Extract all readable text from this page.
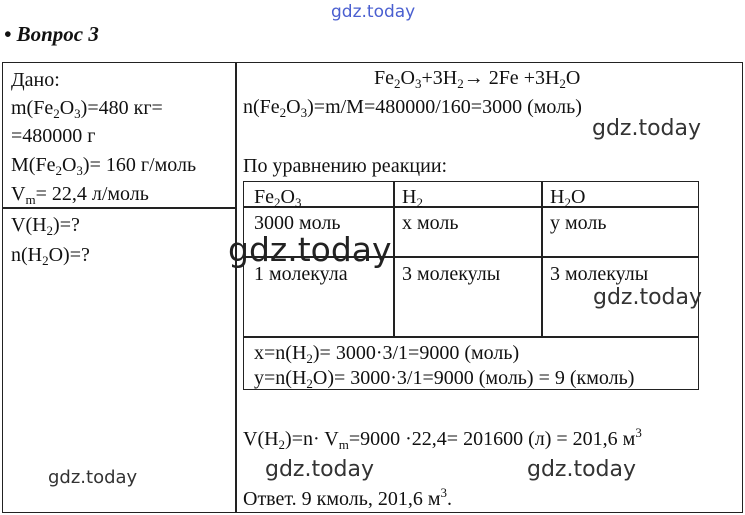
gdz.today
• Вопрос 3
Дано:
$m(Fe_2O_3)=480$ кг=
=480000 г
$M(Fe_2O_3)= 160$ г/моль
$V_m= 22,4$ л/моль
$V(H_2)=$?
$n(H_2O)=$?
$Fe_2O_3+3H_2\to 2Fe +3H_2O$
$n(Fe_2O_3)=m/M=480000/160=3000$ (моль)
gdz.today
По уравнению реакции:
$Fe_2O_3$	$H_2$	$H_2O$
3000 моль	x моль	y моль
gdz.today
1 молекула	3 молекулы 3 молекулы
gdz.today
$x=n(H_2)= 3000\cdot 3/1=9000$ (моль)
$y=n(H_2O)= 3000\cdot 3/1=9000$ (моль) = 9 (кмоль)
$V(H_2)=n\cdot V_m=9000 \cdot 22,4= 201600$ (л) = 201,6 $м^3$
gdz.today	gdz.today	gdz.today
Ответ. 9 кмоль, 201,6 $м^3$.
